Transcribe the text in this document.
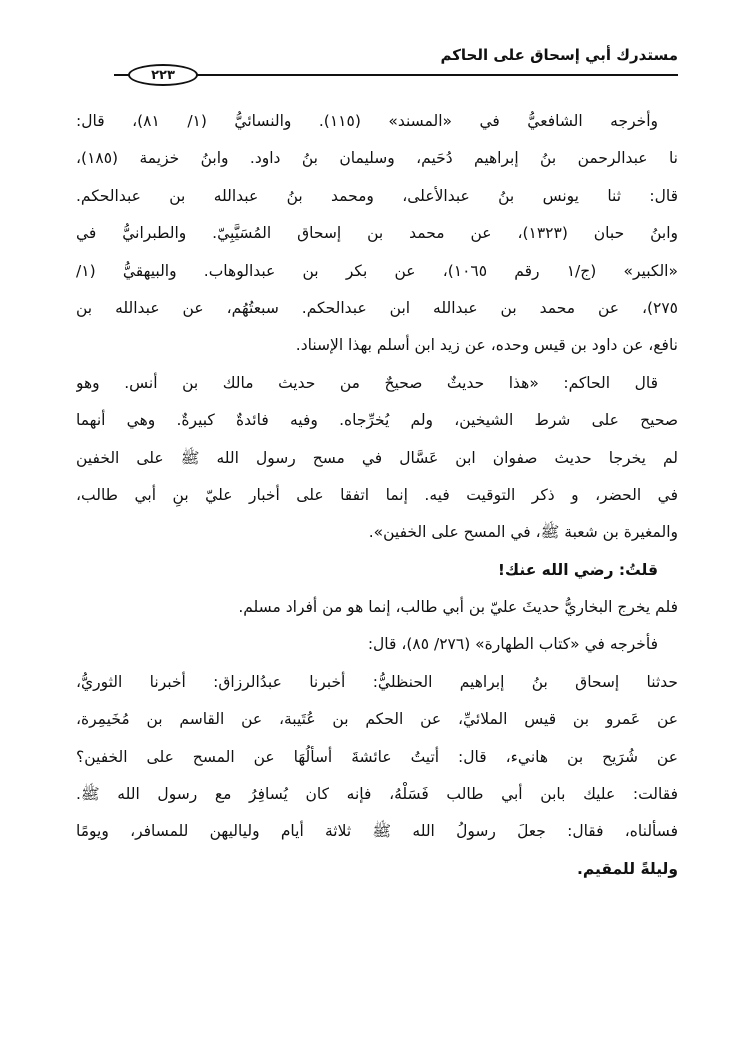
مستدرك أبي إسحاق على الحاكم
٢٢٣
وأخرجه الشافعيُّ في «المسند» (١١٥). والنسائيُّ (١/ ٨١)، قال:
نا عبدالرحمن بنُ إبراهيم دُحَيم، وسليمان بنُ داود. وابنُ خزيمة (١٨٥)،
قال: ثنا يونس بنُ عبدالأعلى، ومحمد بنُ عبدالله بن عبدالحكم.
وابنُ حبان (١٣٢٣)، عن محمد بن إسحاق المُسَيَّبِيّ. والطبرانيُّ في
«الكبير» (ج/١ رقم ١٠٦٥)، عن بكر بن عبدالوهاب. والبيهقيُّ (١/
٢٧٥)، عن محمد بن عبدالله ابن عبدالحكم. سبعتُهُم، عن عبدالله بن
نافع، عن داود بن قيس وحده، عن زيد ابن أسلم بهذا الإسناد.
قال الحاكم: «هذا حديثٌ صحيحٌ من حديث مالك بن أنس. وهو
صحيح على شرط الشيخين، ولم يُخرِّجاه. وفيه فائدةٌ كبيرةٌ. وهي أنهما
لم يخرجا حديث صفوان ابن عَسَّال في مسح رسول الله ﷺ على الخفين
في الحضر، و ذكر التوقيت فيه. إنما اتفقا على أخبار عليّ بنِ أبي طالب،
والمغيرة بن شعبة ﷺ، في المسح على الخفين».
قلتُ: رضي الله عنك!
فلم يخرج البخاريُّ حديثَ عليّ بن أبي طالب، إنما هو من أفراد مسلم.
فأخرجه في «كتاب الطهارة» (٢٧٦/ ٨٥)، قال:
حدثنا إسحاق بنُ إبراهيم الحنظليُّ: أخبرنا عبدُالرزاق: أخبرنا الثوريُّ،
عن عَمرو بن قيس الملائيِّ، عن الحكم بن عُتَيبة، عن القاسم بن مُخَيمِرة،
عن شُرَيح بن هانيء، قال: أتيتُ عائشةَ أسألُهَا عن المسح على الخفين؟
فقالت: عليك بابن أبي طالب فَسَلْهُ، فإنه كان يُسافِرُ مع رسول الله ﷺ.
فسألناه، فقال: جعلَ رسولُ الله ﷺ ثلاثة أيام ولياليهن للمسافر، ويومًا
وليلةً للمقيم.
